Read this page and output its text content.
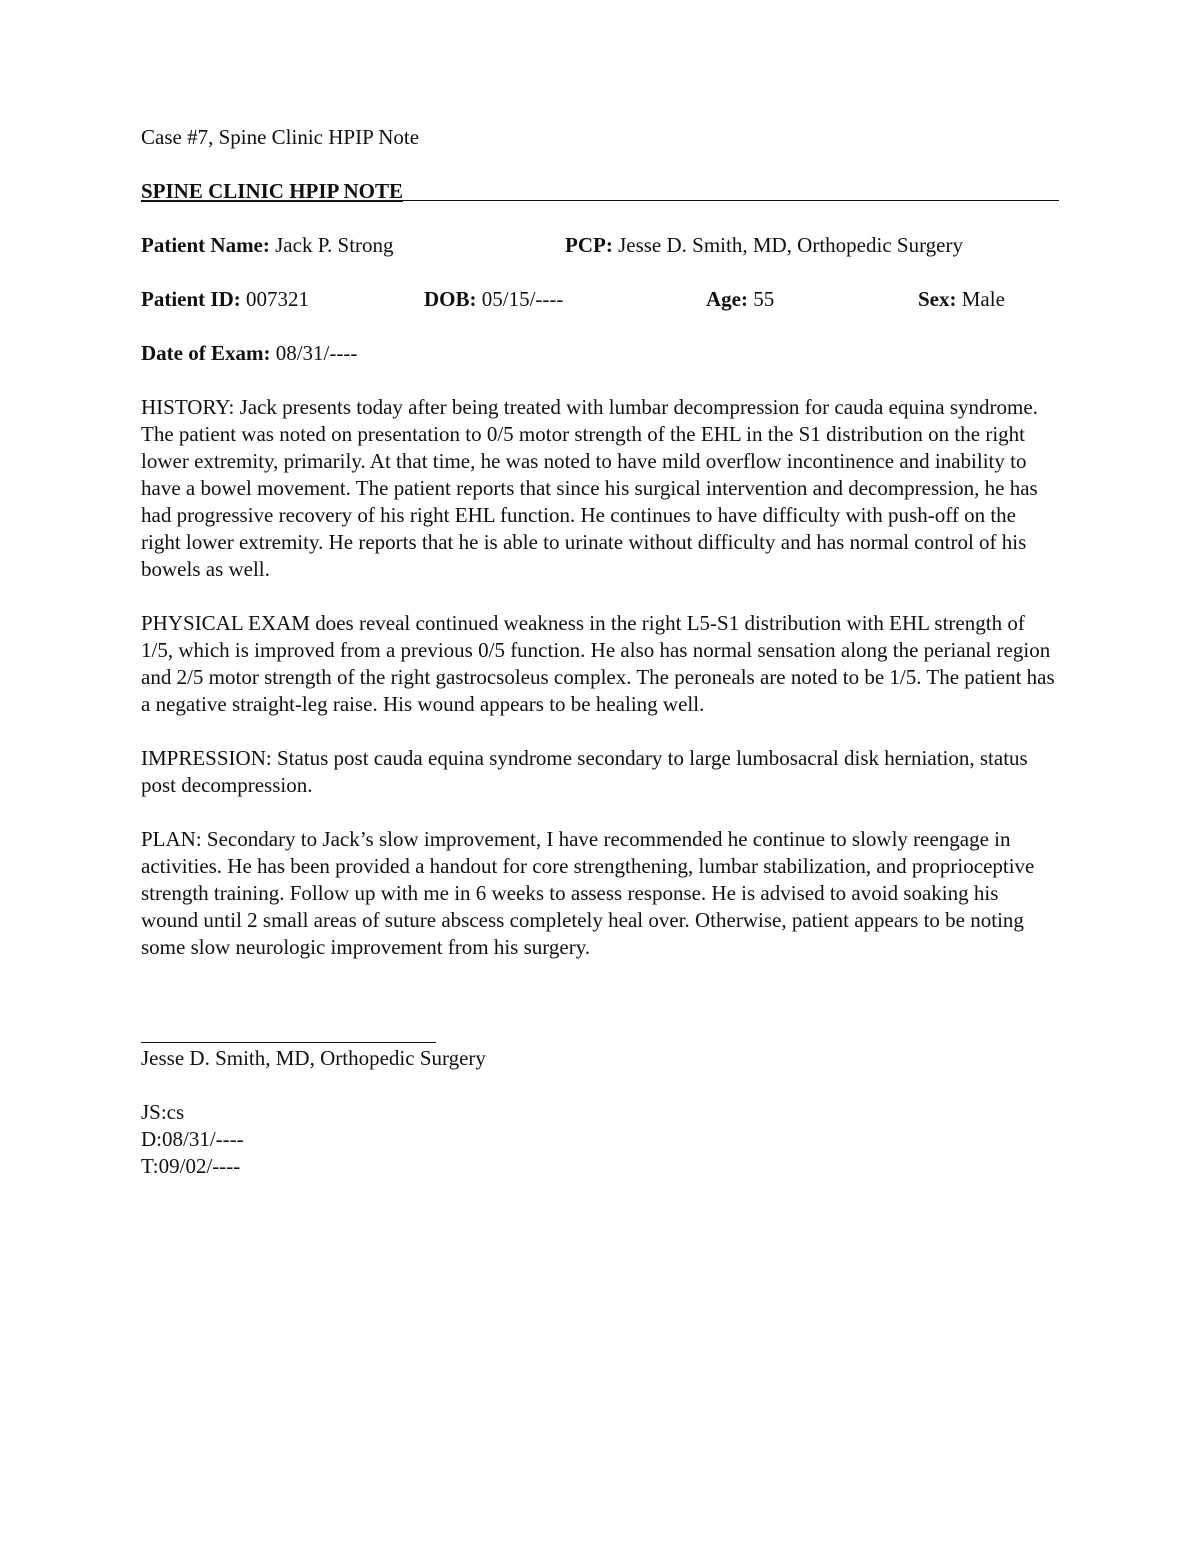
Case #7, Spine Clinic HPIP Note

SPINE CLINIC HPIP NOTE
Patient Name: Jack P. Strong	PCP: Jesse D. Smith, MD, Orthopedic Surgery
Patient ID: 007321	DOB: 05/15/----	Age: 55	Sex: Male
Date of Exam: 08/31/----

HISTORY: Jack presents today after being treated with lumbar decompression for cauda equina syndrome. The patient was noted on presentation to 0/5 motor strength of the EHL in the S1 distribution on the right lower extremity, primarily. At that time, he was noted to have mild overflow incontinence and inability to have a bowel movement. The patient reports that since his surgical intervention and decompression, he has had progressive recovery of his right EHL function. He continues to have difficulty with push-off on the right lower extremity. He reports that he is able to urinate without difficulty and has normal control of his bowels as well.

PHYSICAL EXAM does reveal continued weakness in the right L5-S1 distribution with EHL strength of 1/5, which is improved from a previous 0/5 function. He also has normal sensation along the perianal region and 2/5 motor strength of the right gastrocsoleus complex. The peroneals are noted to be 1/5. The patient has a negative straight-leg raise. His wound appears to be healing well.

IMPRESSION: Status post cauda equina syndrome secondary to large lumbosacral disk herniation, status post decompression.

PLAN: Secondary to Jack’s slow improvement, I have recommended he continue to slowly reengage in activities. He has been provided a handout for core strengthening, lumbar stabilization, and proprioceptive strength training. Follow up with me in 6 weeks to assess response. He is advised to avoid soaking his wound until 2 small areas of suture abscess completely heal over. Otherwise, patient appears to be noting some slow neurologic improvement from his surgery.

Jesse D. Smith, MD, Orthopedic Surgery
JS:cs
D:08/31/----
T:09/02/----
